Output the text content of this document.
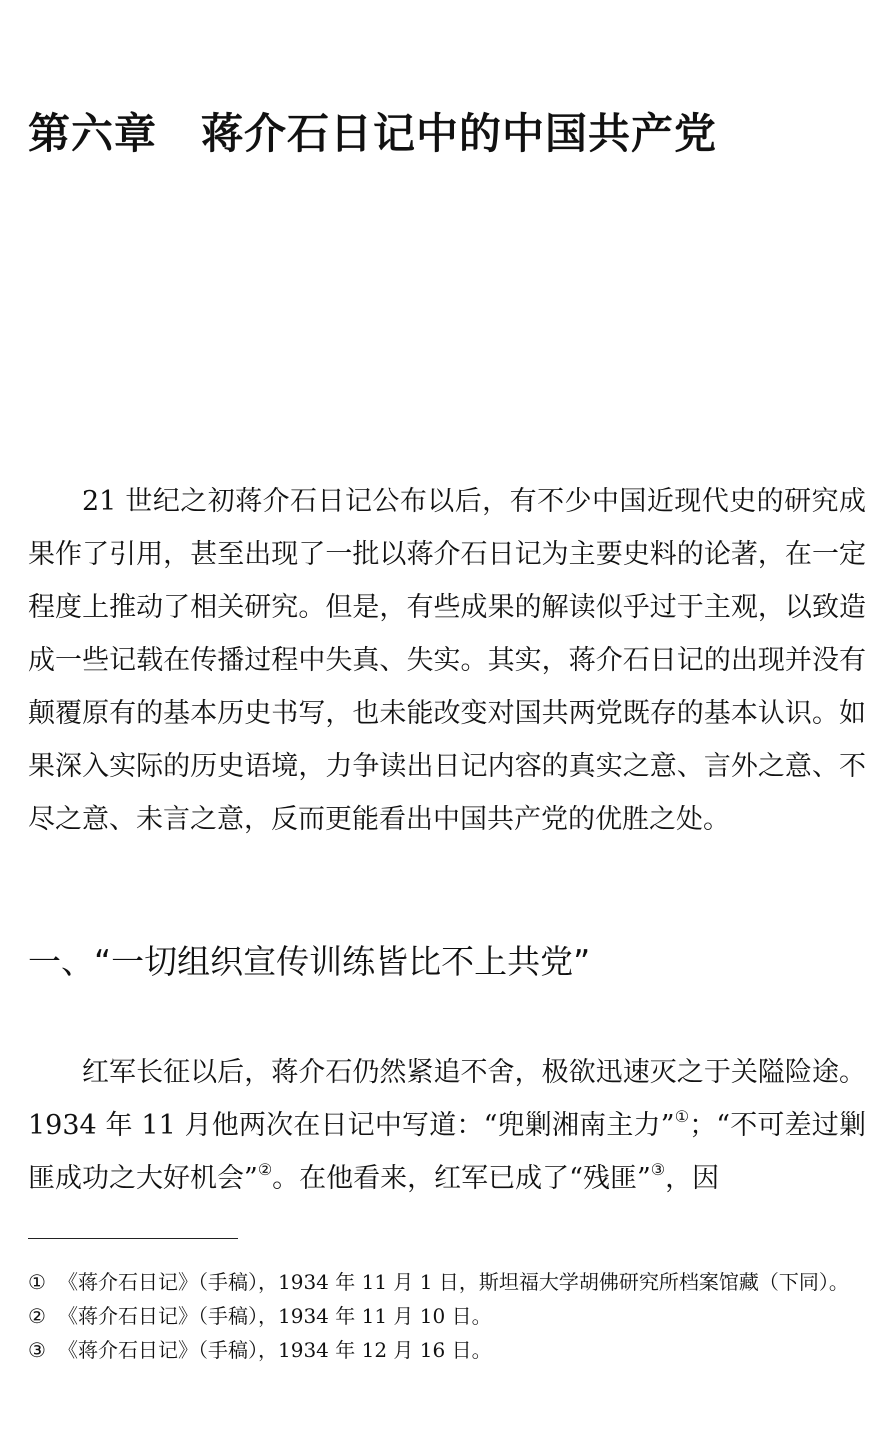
第六章 蒋介石日记中的中国共产党

21 世纪之初蒋介石日记公布以后，有不少中国近现代史的研究成果作了引用，甚至出现了一批以蒋介石日记为主要史料的论著，在一定程度上推动了相关研究。但是，有些成果的解读似乎过于主观，以致造成一些记载在传播过程中失真、失实。其实，蒋介石日记的出现并没有颠覆原有的基本历史书写，也未能改变对国共两党既存的基本认识。如果深入实际的历史语境，力争读出日记内容的真实之意、言外之意、不尽之意、未言之意，反而更能看出中国共产党的优胜之处。

一、“一切组织宣传训练皆比不上共党”

红军长征以后，蒋介石仍然紧追不舍，极欲迅速灭之于关隘险途。1934 年 11 月他两次在日记中写道：“兜剿湘南主力”①；“不可差过剿匪成功之大好机会”②。在他看来，红军已成了“残匪”③，因

① 《蒋介石日记》（手稿），1934 年 11 月 1 日，斯坦福大学胡佛研究所档案馆藏（下同）。
② 《蒋介石日记》（手稿），1934 年 11 月 10 日。
③ 《蒋介石日记》（手稿），1934 年 12 月 16 日。
